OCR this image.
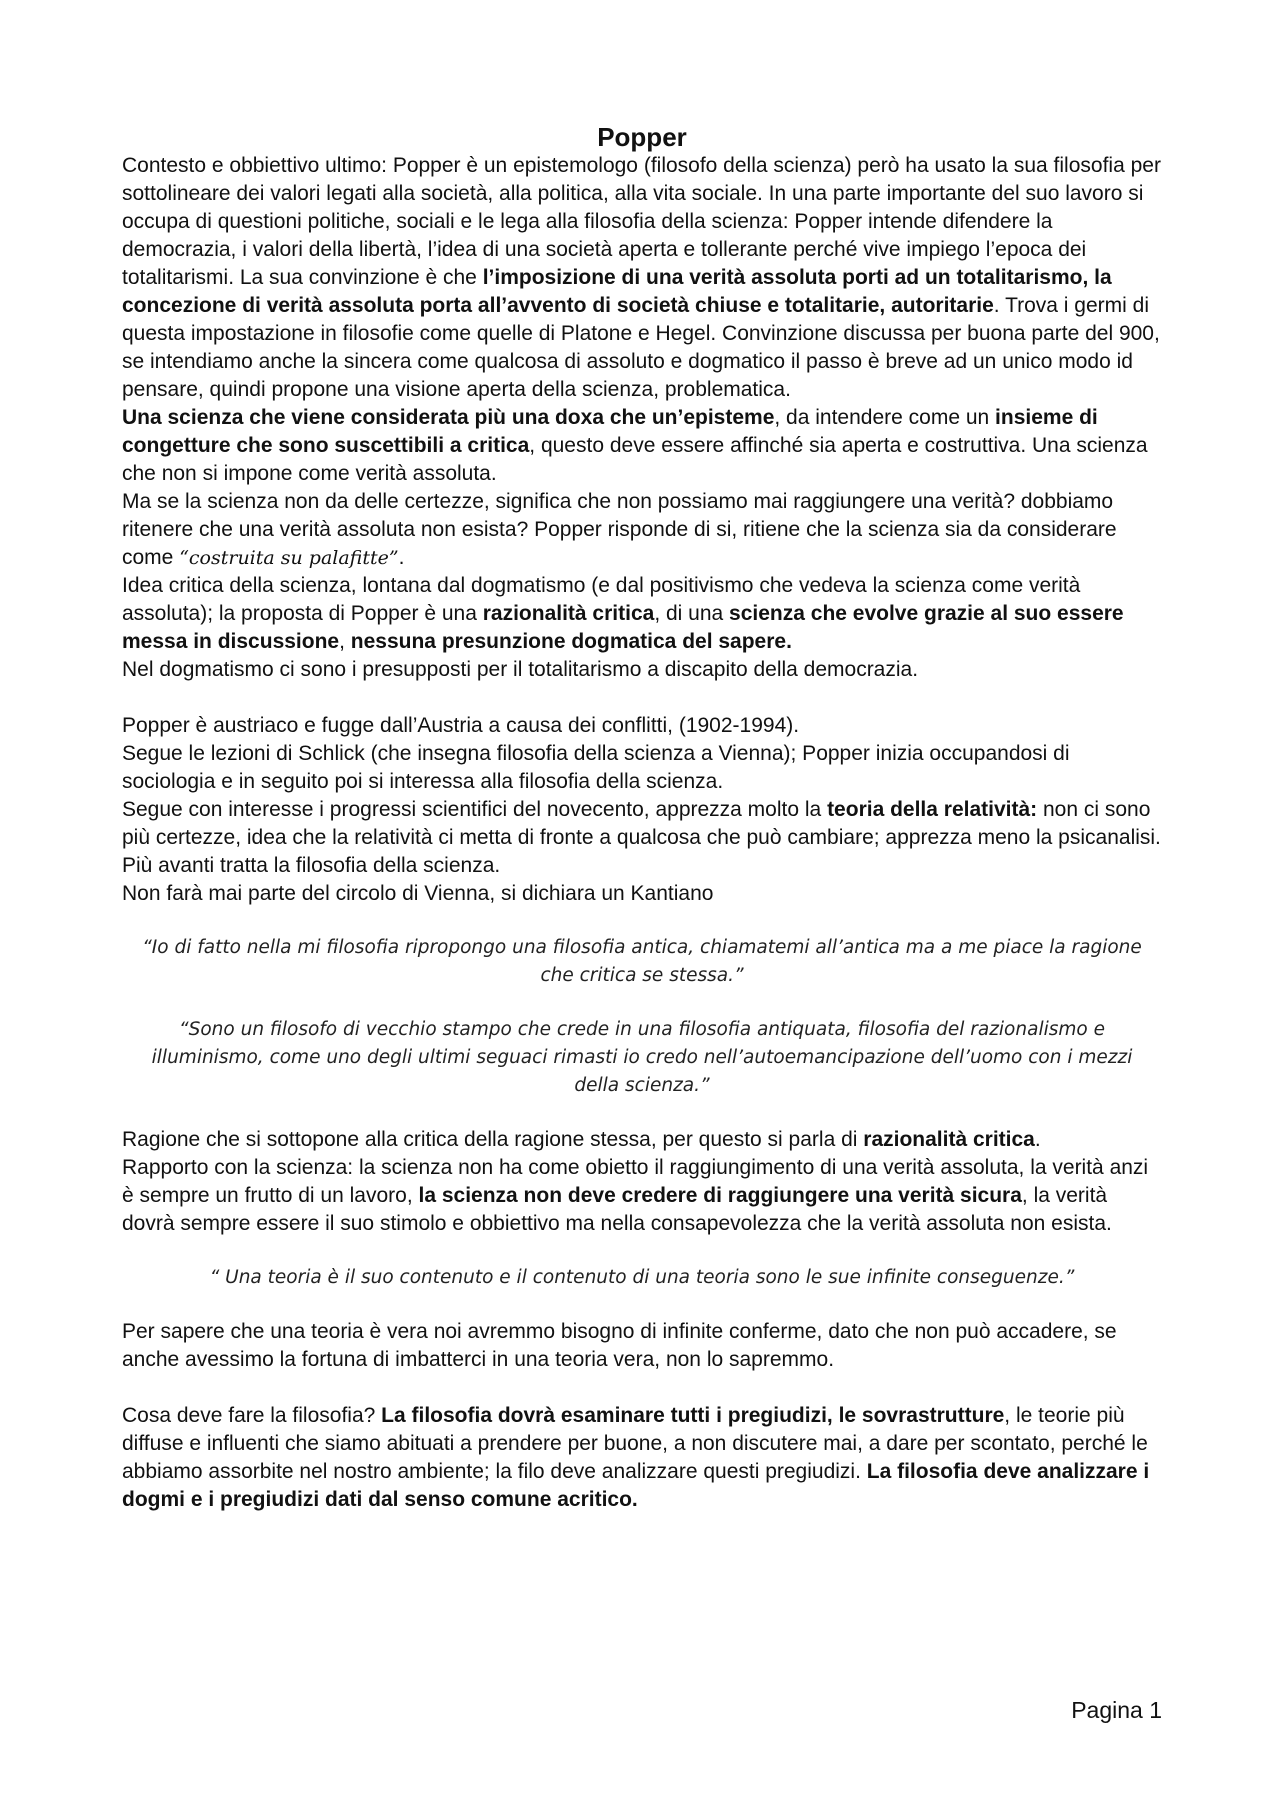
Popper

Contesto e obbiettivo ultimo: Popper è un epistemologo (filosofo della scienza) però ha usato la sua filosofia per sottolineare dei valori legati alla società, alla politica, alla vita sociale. In una parte importante del suo lavoro si occupa di questioni politiche, sociali e le lega alla filosofia della scienza: Popper intende difendere la democrazia, i valori della libertà, l’idea di una società aperta e tollerante perché vive impiego l’epoca dei totalitarismi. La sua convinzione è che l’imposizione di una verità assoluta porti ad un totalitarismo, la concezione di verità assoluta porta all’avvento di società chiuse e totalitarie, autoritarie. Trova i germi di questa impostazione in filosofie come quelle di Platone e Hegel. Convinzione discussa per buona parte del 900, se intendiamo anche la sincera come qualcosa di assoluto e dogmatico il passo è breve ad un unico modo id pensare, quindi propone una visione aperta della scienza, problematica.

Una scienza che viene considerata più una doxa che un’episteme, da intendere come un insieme di congetture che sono suscettibili a critica, questo deve essere affinché sia aperta e costruttiva. Una scienza che non si impone come verità assoluta.

Ma se la scienza non da delle certezze, significa che non possiamo mai raggiungere una verità? dobbiamo ritenere che una verità assoluta non esista? Popper risponde di si, ritiene che la scienza sia da considerare come “costruita su palafitte”.

Idea critica della scienza, lontana dal dogmatismo (e dal positivismo che vedeva la scienza come verità assoluta); la proposta di Popper è una razionalità critica, di una scienza che evolve grazie al suo essere messa in discussione, nessuna presunzione dogmatica del sapere.

Nel dogmatismo ci sono i presupposti per il totalitarismo a discapito della democrazia.

Popper è austriaco e fugge dall’Austria a causa dei conflitti, (1902-1994).

Segue le lezioni di Schlick (che insegna filosofia della scienza a Vienna); Popper inizia occupandosi di sociologia e in seguito poi si interessa alla filosofia della scienza.

Segue con interesse i progressi scientifici del novecento, apprezza molto la teoria della relatività: non ci sono più certezze, idea che la relatività ci metta di fronte a qualcosa che può cambiare; apprezza meno la psicanalisi. Più avanti tratta la filosofia della scienza.

Non farà mai parte del circolo di Vienna, si dichiara un Kantiano

“Io di fatto nella mi filosofia ripropongo una filosofia antica, chiamatemi all’antica ma a me piace la ragione che critica se stessa.”

“Sono un filosofo di vecchio stampo che crede in una filosofia antiquata, filosofia del razionalismo e illuminismo, come uno degli ultimi seguaci rimasti io credo nell’autoemancipazione dell’uomo con i mezzi della scienza.”

Ragione che si sottopone alla critica della ragione stessa, per questo si parla di razionalità critica.

Rapporto con la scienza: la scienza non ha come obietto il raggiungimento di una verità assoluta, la verità anzi è sempre un frutto di un lavoro, la scienza non deve credere di raggiungere una verità sicura, la verità dovrà sempre essere il suo stimolo e obbiettivo ma nella consapevolezza che la verità assoluta non esista.

“ Una teoria è il suo contenuto e il contenuto di una teoria sono le sue infinite conseguenze.”

Per sapere che una teoria è vera noi avremmo bisogno di infinite conferme, dato che non può accadere, se anche avessimo la fortuna di imbatterci in una teoria vera, non lo sapremmo.

Cosa deve fare la filosofia? La filosofia dovrà esaminare tutti i pregiudizi, le sovrastrutture, le teorie più diffuse e influenti che siamo abituati a prendere per buone, a non discutere mai, a dare per scontato, perché le abbiamo assorbite nel nostro ambiente; la filo deve analizzare questi pregiudizi. La filosofia deve analizzare i dogmi e i pregiudizi dati dal senso comune acritico.

Pagina 1
